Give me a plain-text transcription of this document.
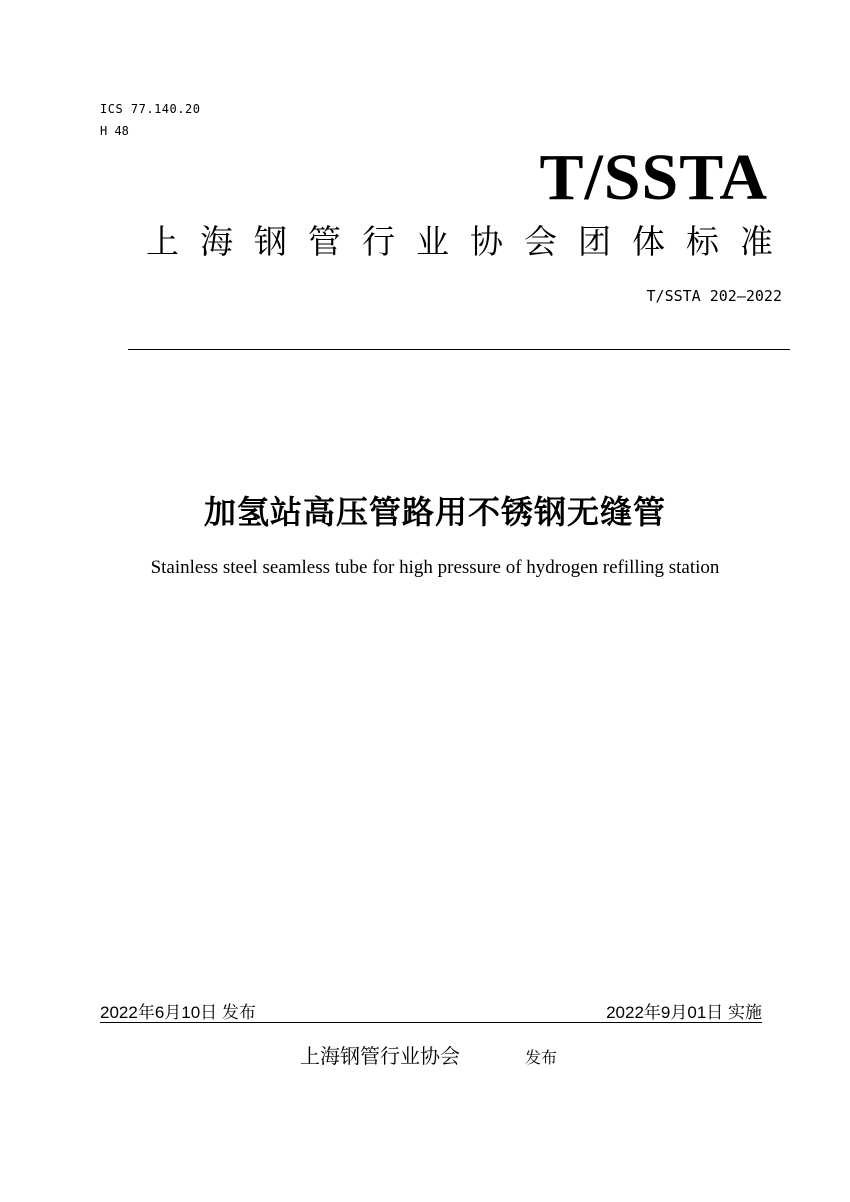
ICS 77.140.20
H 48
T/SSTA
上海钢管行业协会团体标准
T/SSTA 202—2022
加氢站高压管路用不锈钢无缝管
Stainless steel seamless tube for high pressure of hydrogen refilling station
2022年6月10日 发布	2022年9月01日 实施
上海钢管行业协会	发布
